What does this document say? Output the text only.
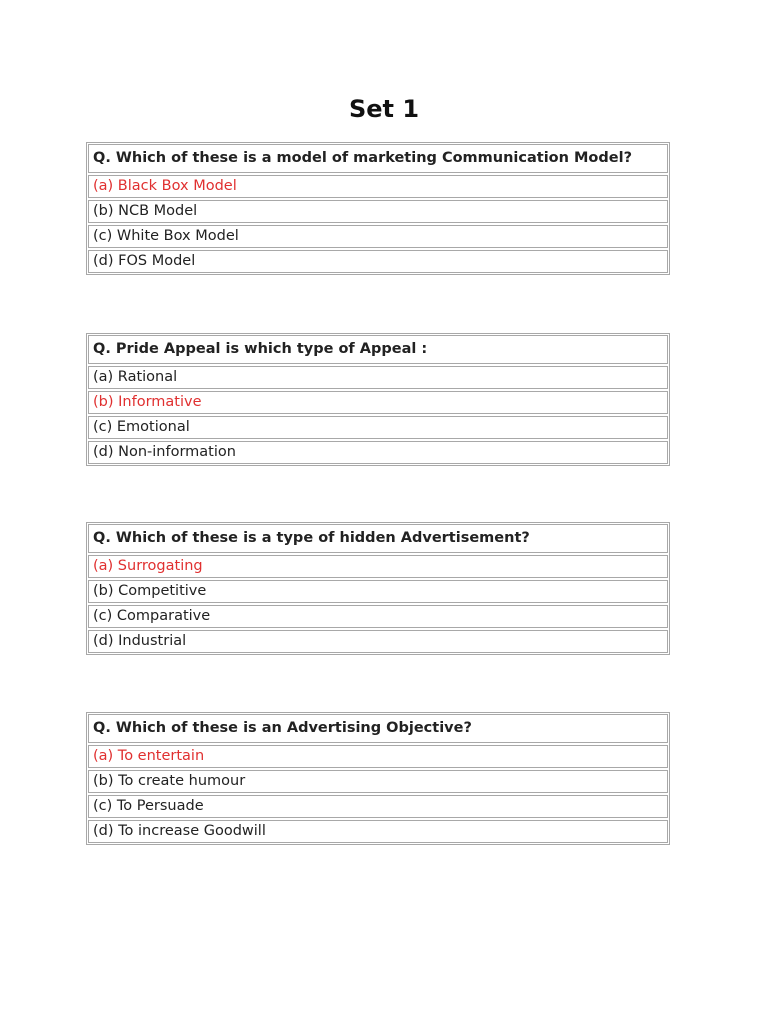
Set 1
Q. Which of these is a model of marketing Communication Model?
(a) Black Box Model
(b) NCB Model
(c) White Box Model
(d) FOS Model
Q. Pride Appeal is which type of Appeal :
(a) Rational
(b) Informative
(c) Emotional
(d) Non-information
Q. Which of these is a type of hidden Advertisement?
(a) Surrogating
(b) Competitive
(c) Comparative
(d) Industrial
Q. Which of these is an Advertising Objective?
(a) To entertain
(b) To create humour
(c) To Persuade
(d) To increase Goodwill
